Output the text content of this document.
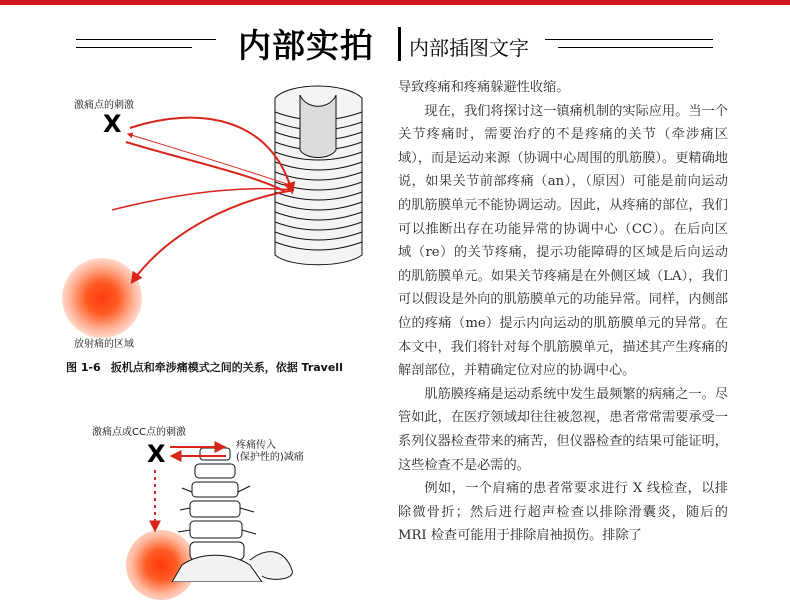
内部实拍 内部插图文字
激痛点的刺激
X
放射痛的区域
图 1-6 扳机点和牵涉痛模式之间的关系，依据 Travell
激痛点或CC点的刺激
X	疼痛传入
(保护性的)减痛

导致疼痛和疼痛躲避性收缩。

现在，我们将探讨这一镇痛机制的实际应用。当一个关节疼痛时，需要治疗的不是疼痛的关节（牵涉痛区域），而是运动来源（协调中心周围的肌筋膜）。更精确地说，如果关节前部疼痛（an），（原因）可能是前向运动的肌筋膜单元不能协调运动。因此，从疼痛的部位，我们可以推断出存在功能异常的协调中心（CC）。在后向区域（re）的关节疼痛，提示功能障碍的区域是后向运动的肌筋膜单元。如果关节疼痛是在外侧区域（LA），我们可以假设是外向的肌筋膜单元的功能异常。同样，内侧部位的疼痛（me）提示内向运动的肌筋膜单元的异常。在本文中，我们将针对每个肌筋膜单元，描述其产生疼痛的解剖部位，并精确定位对应的协调中心。

肌筋膜疼痛是运动系统中发生最频繁的病痛之一。尽管如此，在医疗领域却往往被忽视，患者常常需要承受一系列仪器检查带来的痛苦，但仪器检查的结果可能证明，这些检查不是必需的。

例如，一个肩痛的患者常要求进行 X 线检查，以排除微骨折；然后进行超声检查以排除滑囊炎，随后的 MRI 检查可能用于排除肩袖损伤。排除了
